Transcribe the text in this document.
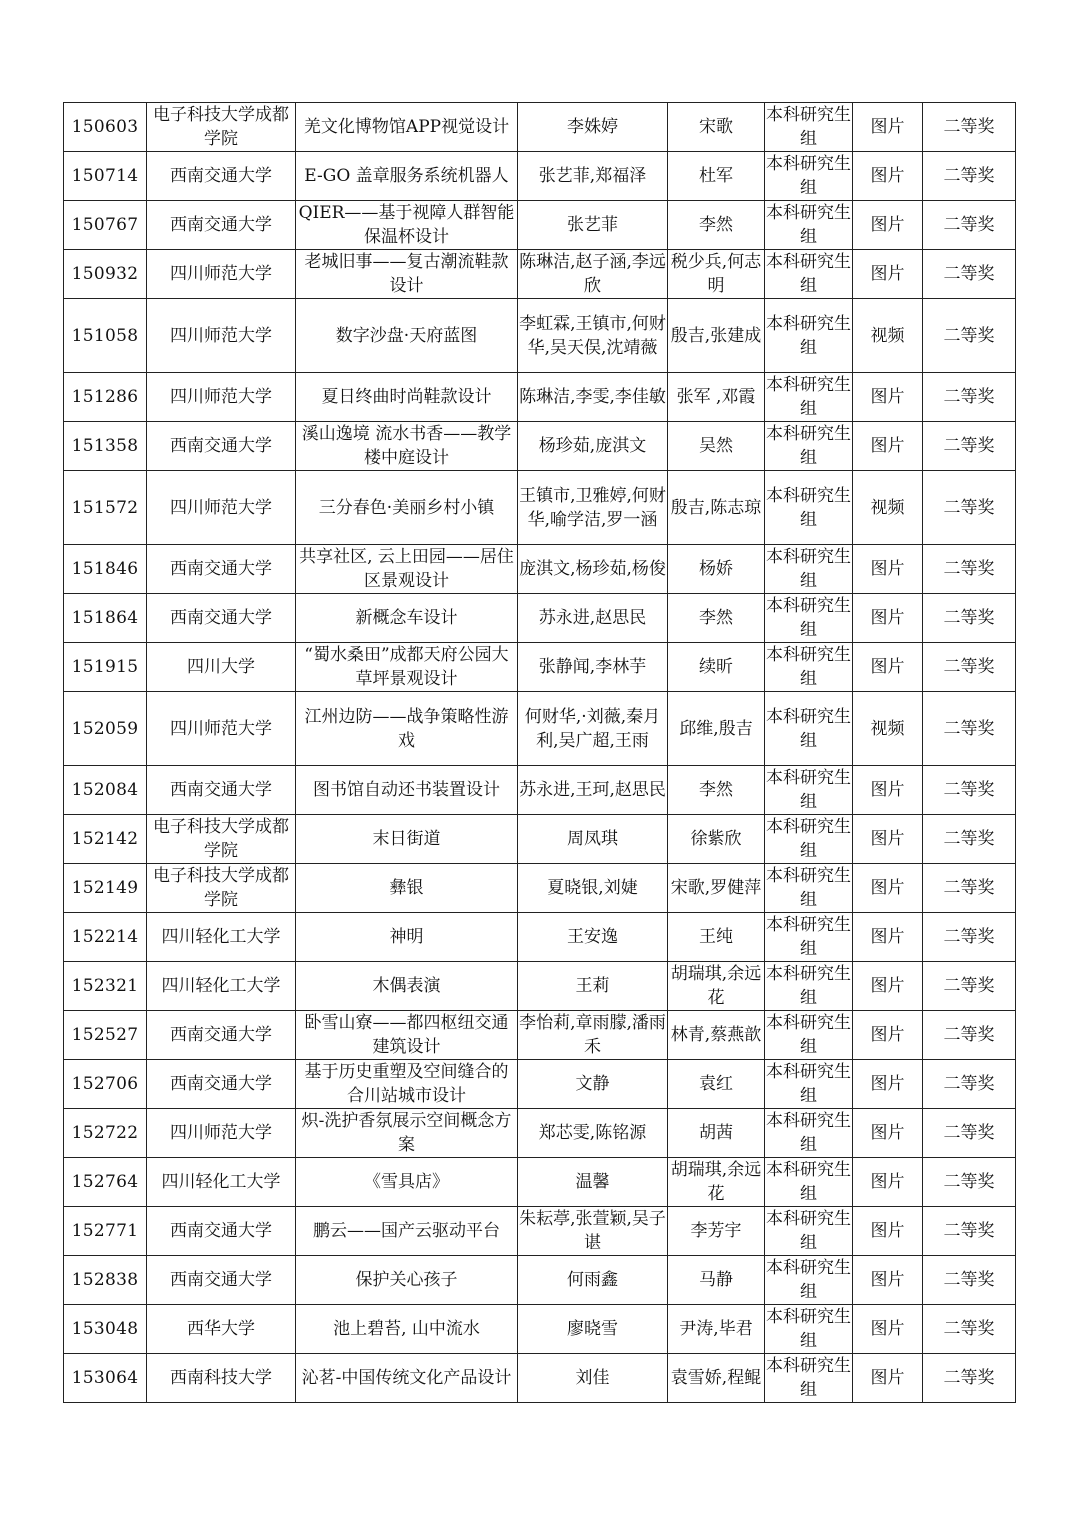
150603	电子科技大学成都学院	羌文化博物馆APP视觉设计	李姝婷	宋歌	本科研究生组	图片	二等奖
150714	西南交通大学	E-GO 盖章服务系统机器人	张艺菲,郑福泽	杜军	本科研究生组	图片	二等奖
150767	西南交通大学	QIER——基于视障人群智能保温杯设计	张艺菲	李然	本科研究生组	图片	二等奖
150932	四川师范大学	老城旧事——复古潮流鞋款设计	陈琳洁,赵子涵,李远欣	税少兵,何志明	本科研究生组	图片	二等奖
151058	四川师范大学	数字沙盘·天府蓝图	李虹霖,王镇市,何财华,吴天俣,沈靖薇	殷吉,张建成	本科研究生组	视频	二等奖
151286	四川师范大学	夏日终曲时尚鞋款设计	陈琳洁,李雯,李佳敏	张军 ,邓霞	本科研究生组	图片	二等奖
151358	西南交通大学	溪山逸境 流水书香——教学楼中庭设计	杨珍茹,庞淇文	吴然	本科研究生组	图片	二等奖
151572	四川师范大学	三分春色·美丽乡村小镇	王镇市,卫雅婷,何财华,喻学洁,罗一涵	殷吉,陈志琼	本科研究生组	视频	二等奖
151846	西南交通大学	共享社区, 云上田园——居住区景观设计	庞淇文,杨珍茹,杨俊	杨娇	本科研究生组	图片	二等奖
151864	西南交通大学	新概念车设计	苏永进,赵思民	李然	本科研究生组	图片	二等奖
151915	四川大学	“蜀水桑田”成都天府公园大草坪景观设计	张静闻,李林芋	续昕	本科研究生组	图片	二等奖
152059	四川师范大学	江州边防——战争策略性游戏	何财华,·刘薇,秦月利,吴广超,王雨	邱维,殷吉	本科研究生组	视频	二等奖
152084	西南交通大学	图书馆自动还书装置设计	苏永进,王珂,赵思民	李然	本科研究生组	图片	二等奖
152142	电子科技大学成都学院	末日街道	周凤琪	徐紫欣	本科研究生组	图片	二等奖
152149	电子科技大学成都学院	彝银	夏晓银,刘婕	宋歌,罗健萍	本科研究生组	图片	二等奖
152214	四川轻化工大学	神明	王安逸	王纯	本科研究生组	图片	二等奖
152321	四川轻化工大学	木偶表演	王莉	胡瑞琪,余远花	本科研究生组	图片	二等奖
152527	西南交通大学	卧雪山寮——都四枢纽交通建筑设计	李怡莉,章雨朦,潘雨禾	林青,蔡燕歆	本科研究生组	图片	二等奖
152706	西南交通大学	基于历史重塑及空间缝合的合川站城市设计	文静	袁红	本科研究生组	图片	二等奖
152722	四川师范大学	炽-洗护香氛展示空间概念方案	郑芯雯,陈铭源	胡茜	本科研究生组	图片	二等奖
152764	四川轻化工大学	《雪具店》	温馨	胡瑞琪,余远花	本科研究生组	图片	二等奖
152771	西南交通大学	鹏云——国产云驱动平台	朱耘葶,张萱颖,吴子谌	李芳宇	本科研究生组	图片	二等奖
152838	西南交通大学	保护关心孩子	何雨鑫	马静	本科研究生组	图片	二等奖
153048	西华大学	池上碧苔, 山中流水	廖晓雪	尹涛,毕君	本科研究生组	图片	二等奖
153064	西南科技大学	沁茗-中国传统文化产品设计	刘佳	袁雪娇,程鲲	本科研究生组	图片	二等奖
